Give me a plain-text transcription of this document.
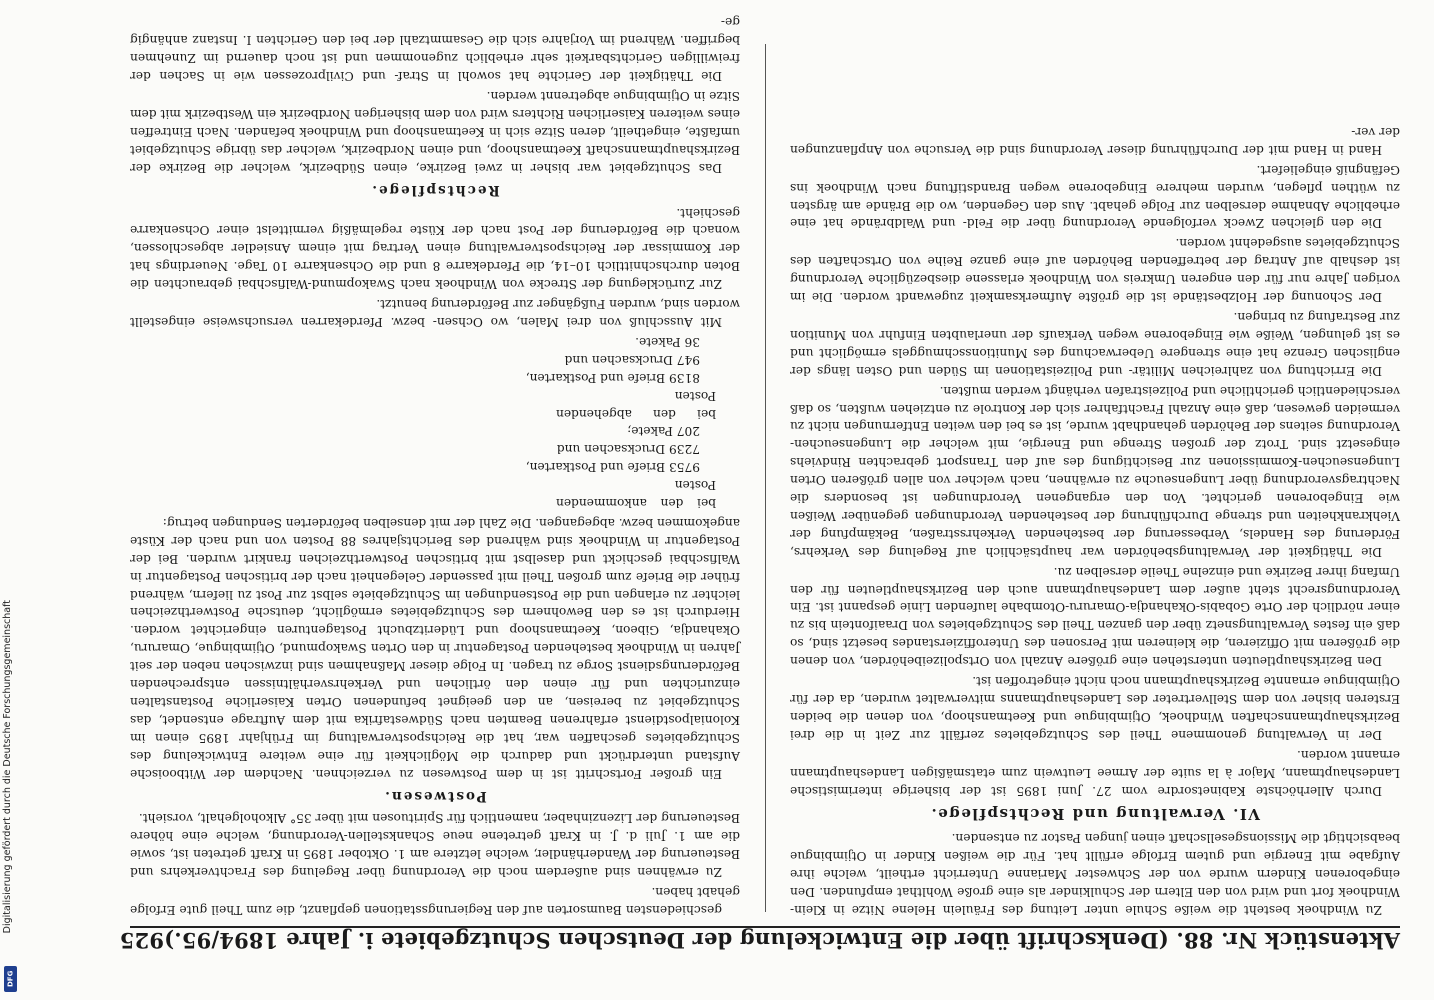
Digitalisierung gefördert durch die Deutsche Forschungsgemeinschaft
DFG
Aktenstück Nr. 88. (Denkschrift über die Entwickelung der Deutschen Schutzgebiete i. Jahre 1894/95.)
925

Zu Windhoek besteht die weiße Schule unter Leitung des Fräulein Helene Nitze in Klein-Windhoek fort und wird von den Eltern der Schulkinder als eine große Wohlthat empfunden. Den eingeborenen Kindern wurde von der Schwester Marianne Unterricht ertheilt, welche ihre Aufgabe mit Energie und gutem Erfolge erfüllt hat. Für die weißen Kinder in Otjimbingue beabsichtigt die Missionsgesellschaft einen jungen Pastor zu entsenden.

VI. Verwaltung und Rechtspflege.

Durch Allerhöchste Kabinetsordre vom 27. Juni 1895 ist der bisherige interimistische Landeshauptmann, Major à la suite der Armee Leutwein zum etatsmäßigen Landeshauptmann ernannt worden.

Der in Verwaltung genommene Theil des Schutzgebietes zerfällt zur Zeit in die drei Bezirkshauptmannschaften Windhoek, Otjimbingue und Keetmanshoop, von denen die beiden Ersteren bisher von dem Stellvertreter des Landeshauptmanns mitverwaltet wurden, da der für Otjimbingue ernannte Bezirkshauptmann noch nicht eingetroffen ist.

Den Bezirkshauptleuten unterstehen eine größere Anzahl von Ortspolizeibehörden, von denen die größeren mit Offizieren, die kleineren mit Personen des Unteroffizierstandes besetzt sind, so daß ein festes Verwaltungsnetz über den ganzen Theil des Schutzgebietes von Draaifontein bis zu einer nördlich der Orte Gobabis-Okahandja-Omaruru-Otombahe laufenden Linie gespannt ist. Ein Verordnungsrecht steht außer dem Landeshauptmann auch den Bezirkshauptleuten für den Umfang ihrer Bezirke und einzelne Theile derselben zu.

Die Thätigkeit der Verwaltungsbehörden war hauptsächlich auf Regelung des Verkehrs, Förderung des Handels, Verbesserung der bestehenden Verkehrsstraßen, Bekämpfung der Viehkrankheiten und strenge Durchführung der bestehenden Verordnungen gegenüber Weißen wie Eingeborenen gerichtet. Von den ergangenen Verordnungen ist besonders die Nachtragsverordnung über Lungenseuche zu erwähnen, nach welcher von allen größeren Orten Lungenseuchen-Kommissionen zur Besichtigung des auf den Transport gebrachten Rindviehs eingesetzt sind. Trotz der großen Strenge und Energie, mit welcher die Lungenseuchen-Verordnung seitens der Behörden gehandhabt wurde, ist es bei den weiten Entfernungen nicht zu vermeiden gewesen, daß eine Anzahl Frachtfahrer sich der Kontrole zu entziehen wußten, so daß verschiedentlich gerichtliche und Polizeistrafen verhängt werden mußten.

Die Errichtung von zahlreichen Militär- und Polizeistationen im Süden und Osten längs der englischen Grenze hat eine strengere Ueberwachung des Munitionsschmuggels ermöglicht und es ist gelungen, Weiße wie Eingeborene wegen Verkaufs der unerlaubten Einfuhr von Munition zur Bestrafung zu bringen.

Der Schonung der Holzbestände ist die größte Aufmerksamkeit zugewandt worden. Die im vorigen Jahre nur für den engeren Umkreis von Windhoek erlassene diesbezügliche Verordnung ist deshalb auf Antrag der betreffenden Behörden auf eine ganze Reihe von Ortschaften des Schutzgebietes ausgedehnt worden.

Die den gleichen Zweck verfolgende Verordnung über die Feld- und Waldbrände hat eine erhebliche Abnahme derselben zur Folge gehabt. Aus den Gegenden, wo die Brände am ärgsten zu wüthen pflegen, wurden mehrere Eingeborene wegen Brandstiftung nach Windhoek ins Gefängniß eingeliefert.

Hand in Hand mit der Durchführung dieser Verordnung sind die Versuche von Anpflanzungen der ver-

geschiedensten Baumsorten auf den Regierungsstationen gepflanzt, die zum Theil gute Erfolge gehabt haben.

Zu erwähnen sind außerdem noch die Verordnung über Regelung des Frachtverkehrs und Besteuerung der Wanderhändler, welche letztere am 1. Oktober 1895 in Kraft getreten ist, sowie die am 1. Juli d. J. in Kraft getretene neue Schankstellen-Verordnung, welche eine höhere Besteuerung der Lizenzinhaber, namentlich für Spirituosen mit über 35° Alkoholgehalt, vorsieht.

Postwesen.

Ein großer Fortschritt ist in dem Postwesen zu verzeichnen. Nachdem der Witbooische Aufstand unterdrückt und dadurch die Möglichkeit für eine weitere Entwickelung des Schutzgebietes geschaffen war, hat die Reichspostverwaltung im Frühjahr 1895 einen im Kolonialpostdienst erfahrenen Beamten nach Südwestafrika mit dem Auftrage entsendet, das Schutzgebiet zu bereisen, an den geeignet befundenen Orten Kaiserliche Postanstalten einzurichten und für einen den örtlichen und Verkehrsverhältnissen entsprechenden Beförderungsdienst Sorge zu tragen. In Folge dieser Maßnahmen sind inzwischen neben der seit Jahren in Windhoek bestehenden Postagentur in den Orten Swakopmund, Otjimbingue, Omaruru, Okahandja, Gibeon, Keetmanshoop und Lüderitzbucht Postagenturen eingerichtet worden. Hierdurch ist es den Bewohnern des Schutzgebietes ermöglicht, deutsche Postwerthzeichen leichter zu erlangen und die Postsendungen im Schutzgebiete selbst zur Post zu liefern, während früher die Briefe zum großen Theil mit passender Gelegenheit nach der britischen Postagentur in Walfischbai geschickt und daselbst mit britischen Postwerthzeichen frankirt wurden. Bei der Postagentur in Windhoek sind während des Berichtsjahres 88 Posten von und nach der Küste angekommen bezw. abgegangen. Die Zahl der mit denselben beförderten Sendungen betrug:

bei den ankommenden Posten
9753

Briefe und Postkarten,
7239

Drucksachen und
207

Pakete;
bei den abgehenden Posten
8139

Briefe und Postkarten,
947

Drucksachen und
36

Pakete.

Mit Ausschluß von drei Malen, wo Ochsen- bezw. Pferdekarren versuchsweise eingestellt worden sind, wurden Fußgänger zur Beförderung benutzt.

Zur Zurücklegung der Strecke von Windhoek nach Swakopmund-Walfischbai gebrauchten die Boten durchschnittlich 10–14, die Pferdekarre 8 und die Ochsenkarre 10 Tage. Neuerdings hat der Kommissar der Reichspostverwaltung einen Vertrag mit einem Ansiedler abgeschlossen, wonach die Beförderung der Post nach der Küste regelmäßig vermittelst einer Ochsenkarre geschieht.

Rechtspflege.

Das Schutzgebiet war bisher in zwei Bezirke, einen Südbezirk, welcher die Bezirke der Bezirkshauptmannschaft Keetmanshoop, und einen Nordbezirk, welcher das übrige Schutzgebiet umfaßte, eingetheilt, deren Sitze sich in Keetmanshoop und Windhoek befanden. Nach Eintreffen eines weiteren Kaiserlichen Richters wird von dem bisherigen Nordbezirk ein Westbezirk mit dem Sitze in Otjimbingue abgetrennt werden.

Die Thätigkeit der Gerichte hat sowohl in Straf- und Civilprozessen wie in Sachen der freiwilligen Gerichtsbarkeit sehr erheblich zugenommen und ist noch dauernd im Zunehmen begriffen. Während im Vorjahre sich die Gesammtzahl der bei den Gerichten I. Instanz anhängig ge-
